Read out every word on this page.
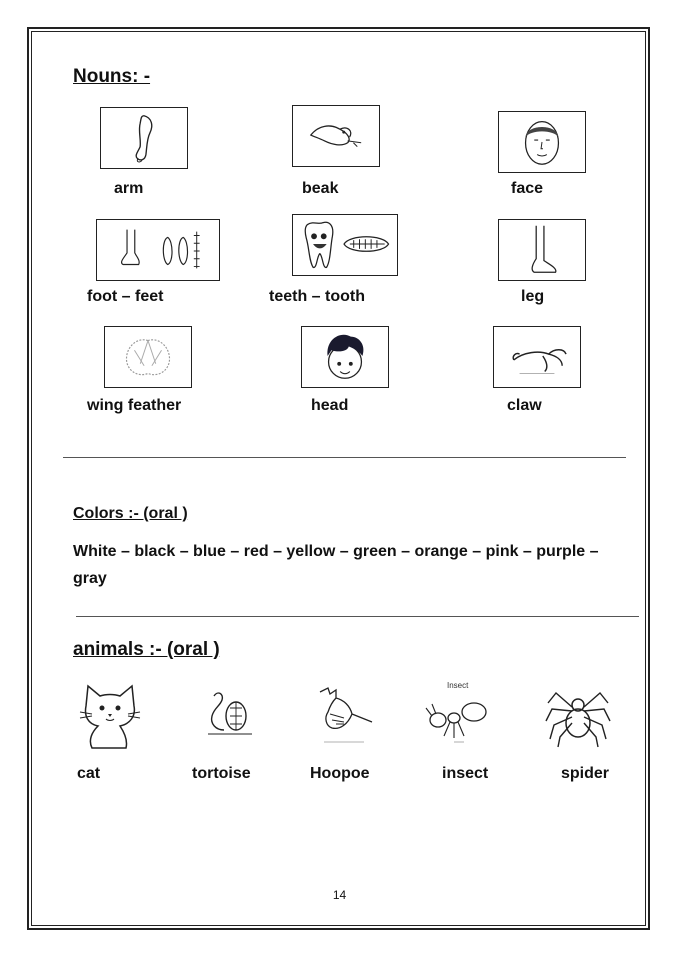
Nouns: -
arm	beak	face
foot – feet	teeth – tooth	leg
wing feather	head	claw
Colors :- (oral )
White – black – blue – red – yellow – green – orange – pink – purple – gray
animals :- (oral )
Insect
cat	tortoise	Hoopoe	insect	spider
14
